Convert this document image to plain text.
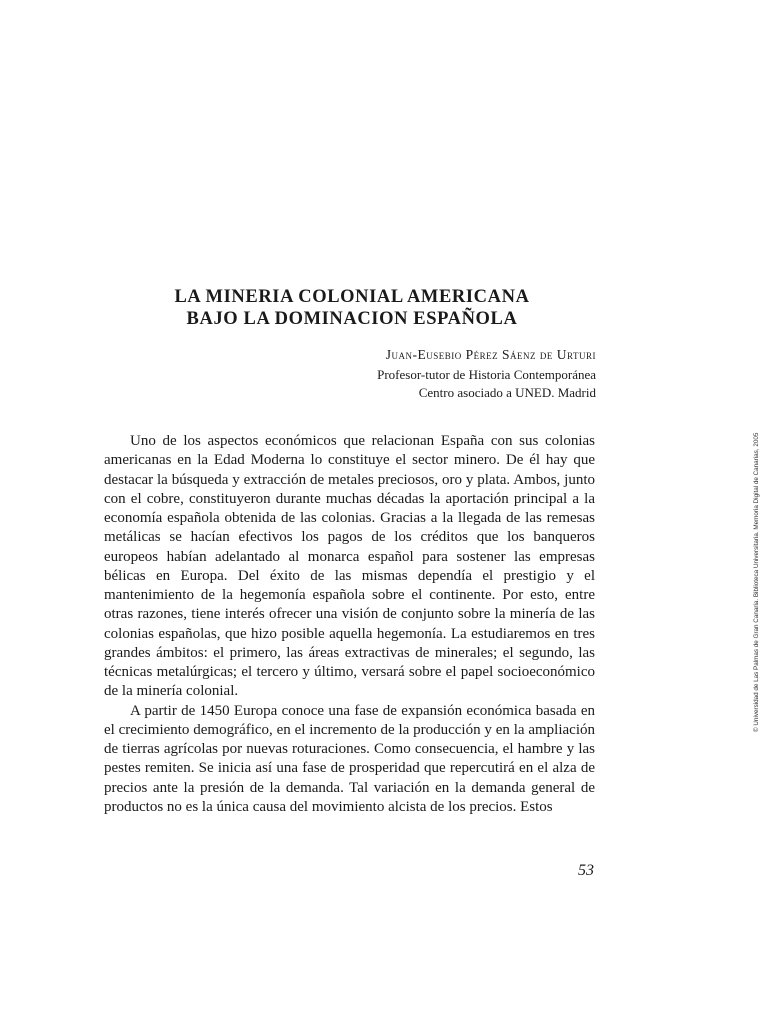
LA MINERIA COLONIAL AMERICANA
BAJO LA DOMINACION ESPAÑOLA
Juan-Eusebio Pérez Sáenz de Urturi
Profesor-tutor de Historia Contemporánea
Centro asociado a UNED. Madrid

Uno de los aspectos económicos que relacionan España con sus colonias americanas en la Edad Moderna lo constituye el sector minero. De él hay que destacar la búsqueda y extracción de metales preciosos, oro y plata. Ambos, junto con el cobre, constituyeron durante muchas décadas la aportación principal a la economía española obtenida de las colonias. Gracias a la llegada de las remesas metálicas se hacían efectivos los pagos de los créditos que los banqueros europeos habían adelantado al monarca español para sostener las empresas bélicas en Europa. Del éxito de las mismas dependía el prestigio y el mantenimiento de la hegemonía española sobre el continente. Por esto, entre otras razones, tiene interés ofrecer una visión de conjunto sobre la minería de las colonias españolas, que hizo posible aquella hegemonía. La estudiaremos en tres grandes ámbitos: el primero, las áreas extractivas de minerales; el segundo, las técnicas metalúrgicas; el tercero y último, versará sobre el papel socioeconómico de la minería colonial.

A partir de 1450 Europa conoce una fase de expansión económica basada en el crecimiento demográfico, en el incremento de la producción y en la ampliación de tierras agrícolas por nuevas roturaciones. Como consecuencia, el hambre y las pestes remiten. Se inicia así una fase de prosperidad que repercutirá en el alza de precios ante la presión de la demanda. Tal variación en la demanda general de productos no es la única causa del movimiento alcista de los precios. Estos

53
© Universidad de Las Palmas de Gran Canaria. Biblioteca Universitaria. Memoria Digital de Canarias, 2005
